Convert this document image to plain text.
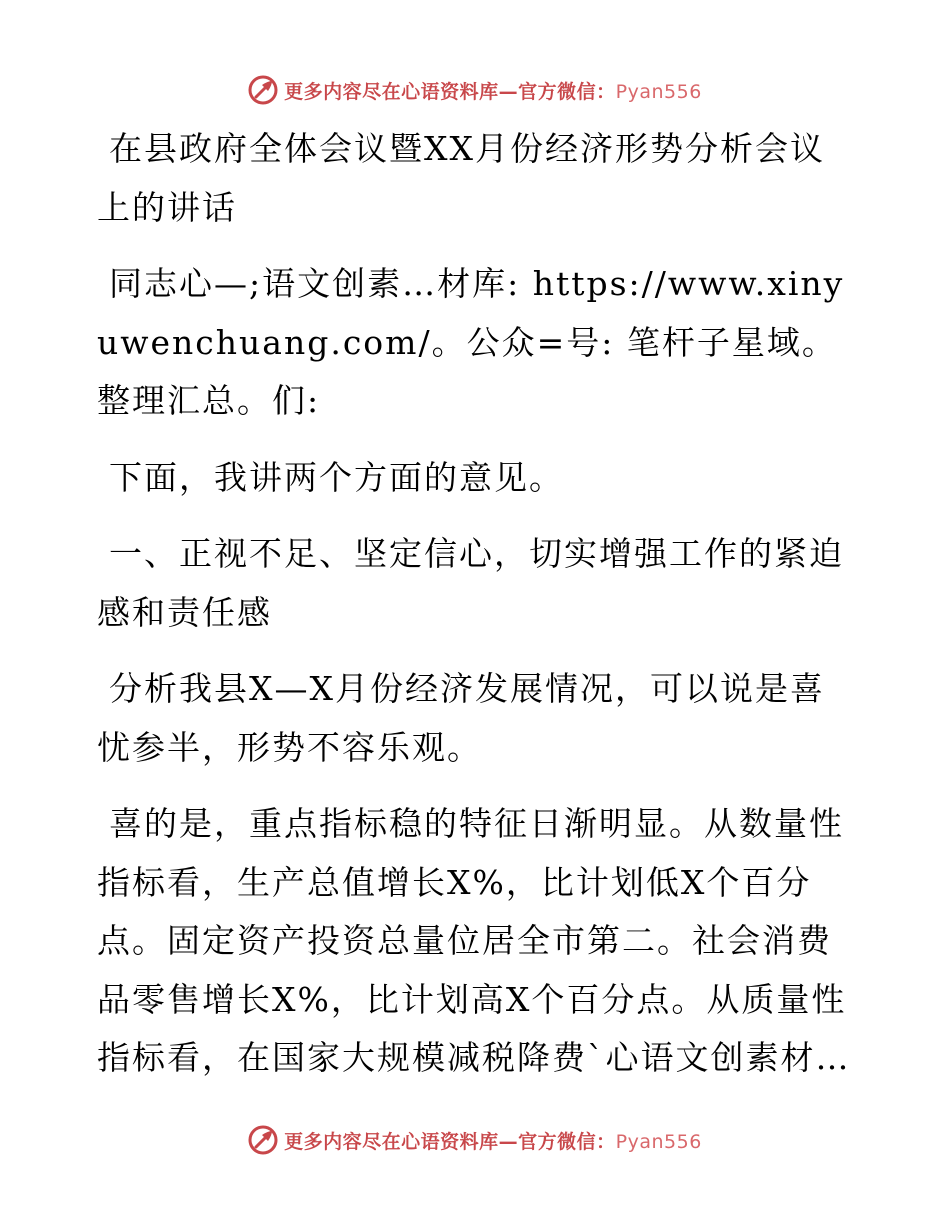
更多内容尽在心语资料库—官方微信：Pyan556

在县政府全体会议暨XX月份经济形势分析会议上的讲话

同志心—;语文创素…材库: https://www.xinyuwenchuang.com/。公众=号: 笔杆子星域。整理汇总。们:

下面，我讲两个方面的意见。

一、正视不足、坚定信心，切实增强工作的紧迫感和责任感

分析我县X—X月份经济发展情况，可以说是喜忧参半，形势不容乐观。

喜的是，重点指标稳的特征日渐明显。从数量性指标看，生产总值增长X%，比计划低X个百分点。固定资产投资总量位居全市第二。社会消费品零售增长X%，比计划高X个百分点。从质量性指标看，在国家大规模减税降费`心语文创素材…

更多内容尽在心语资料库—官方微信：Pyan556
